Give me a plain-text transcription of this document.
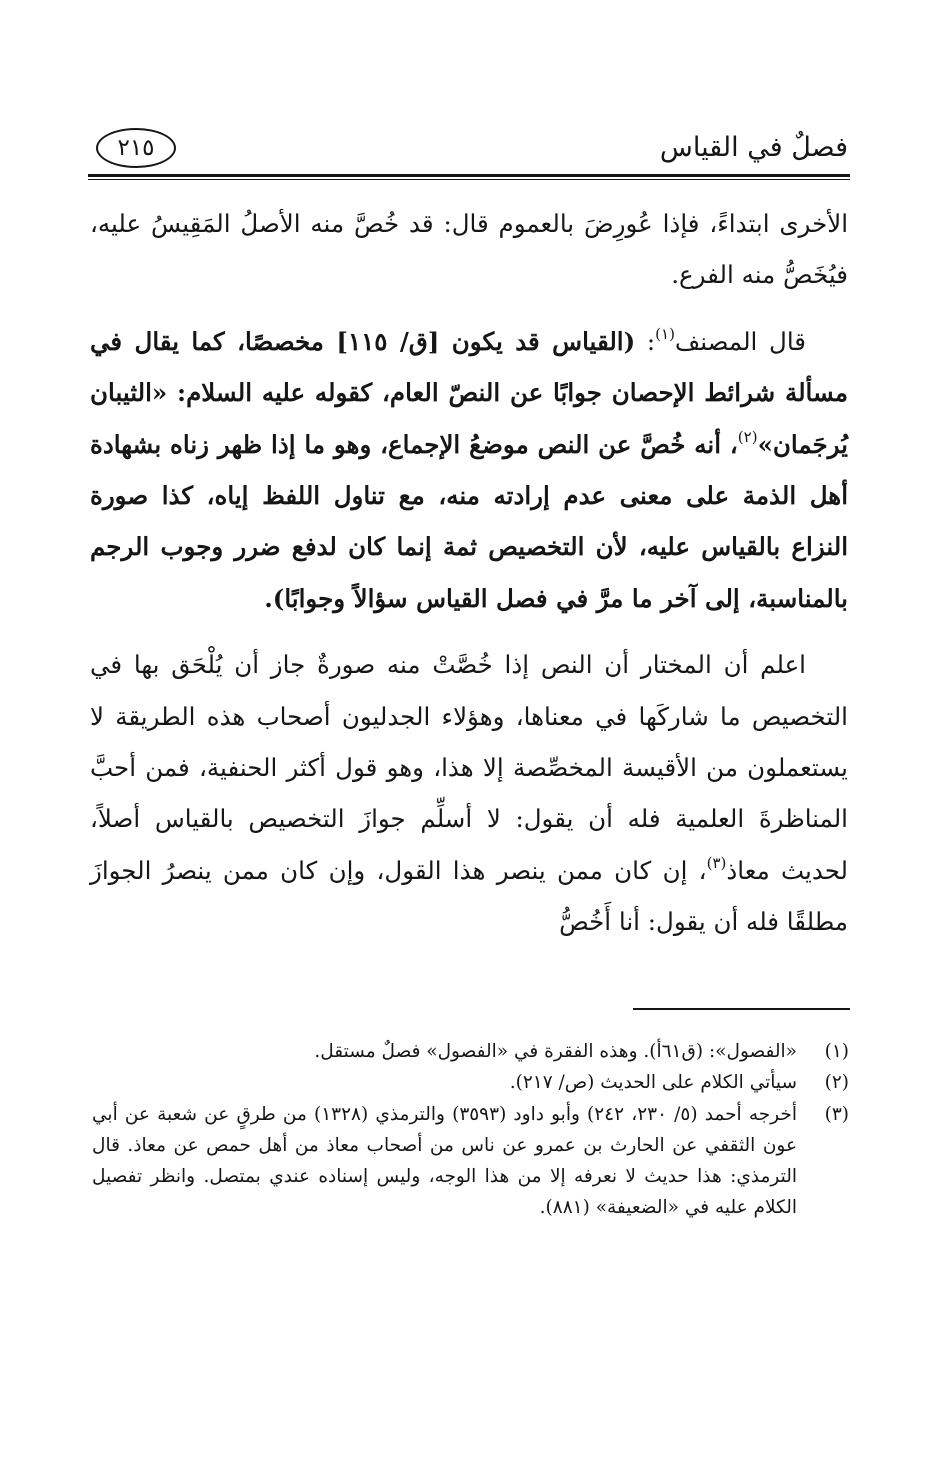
فصلٌ في القياس
٢١٥

الأخرى ابتداءً، فإذا عُورِضَ بالعموم قال: قد خُصَّ منه الأصلُ المَقِيسُ عليه، فيُخَصُّ منه الفرع.

قال المصنف$^{(١)}$: (القياس قد يكون [ق/ ١١٥] مخصصًا، كما يقال في مسألة شرائط الإحصان جوابًا عن النصّ العام، كقوله عليه السلام: «الثيبان يُرجَمان»$^{(٢)}$، أنه خُصَّ عن النص موضعُ الإجماع، وهو ما إذا ظهر زناه بشهادة أهل الذمة على معنى عدم إرادته منه، مع تناول اللفظ إياه، كذا صورة النزاع بالقياس عليه، لأن التخصيص ثمة إنما كان لدفع ضرر وجوب الرجم بالمناسبة، إلى آخر ما مرَّ في فصل القياس سؤالاً وجوابًا).

اعلم أن المختار أن النص إذا خُصَّتْ منه صورةٌ جاز أن يُلْحَق بها في التخصيص ما شاركَها في معناها، وهؤلاء الجدليون أصحاب هذه الطريقة لا يستعملون من الأقيسة المخصِّصة إلا هذا، وهو قول أكثر الحنفية، فمن أحبَّ المناظرةَ العلمية فله أن يقول: لا أسلِّم جوازَ التخصيص بالقياس أصلاً، لحديث معاذ$^{(٣)}$، إن كان ممن ينصر هذا القول، وإن كان ممن ينصرُ الجوازَ مطلقًا فله أن يقول: أنا أَخُصُّ

(١)
«الفصول»: (ق٦١أ). وهذه الفقرة في «الفصول» فصلٌ مستقل.
(٢)
سيأتي الكلام على الحديث (ص/ ٢١٧).
(٣)
أخرجه أحمد (٥/ ٢٣٠، ٢٤٢) وأبو داود (٣٥٩٣) والترمذي (١٣٢٨) من طرقٍ عن شعبة عن أبي عون الثقفي عن الحارث بن عمرو عن ناس من أصحاب معاذ من أهل حمص عن معاذ. قال الترمذي: هذا حديث لا نعرفه إلا من هذا الوجه، وليس إسناده عندي بمتصل. وانظر تفصيل الكلام عليه في «الضعيفة» (٨٨١).
